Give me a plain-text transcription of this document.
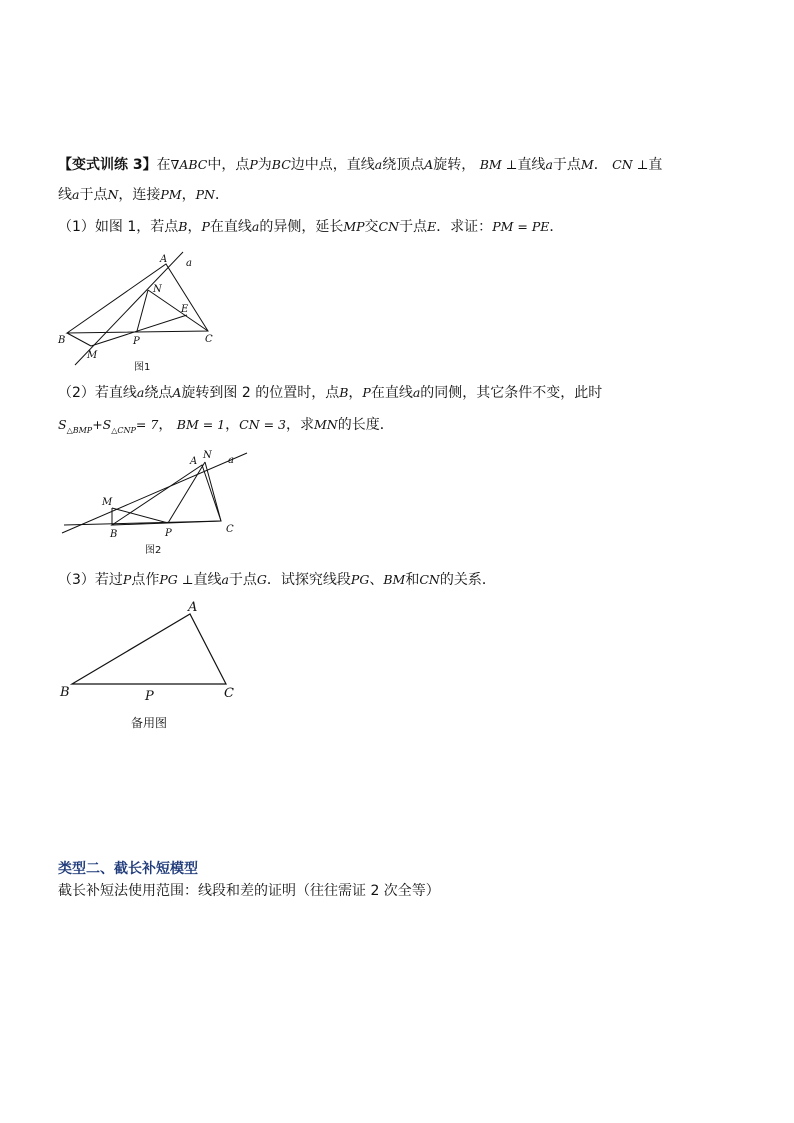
【变式训练 3】在∇ABC中，点P为BC边中点，直线a绕顶点A旋转， BM ⊥直线a于点M． CN ⊥直
线a于点N，连接PM，PN．
（1）如图 1，若点B，P在直线a的异侧，延长MP交CN于点E．求证：PM = PE．
A a
N
E
B
M
P	C
图1
（2）若直线a绕点A旋转到图 2 的位置时，点B，P在直线a的同侧，其它条件不变，此时
$S_{\triangle BMP}+S_{\triangle CNP}= 7$， BM = 1，CN = 3，求MN的长度．
A
N a
M
B	P	C
图2
（3）若过P点作PG ⊥直线a于点G．试探究线段PG、BM和CN的关系．
A
B	P	C
备用图
类型二、截长补短模型
截长补短法使用范围：线段和差的证明（往往需证 2 次全等）
